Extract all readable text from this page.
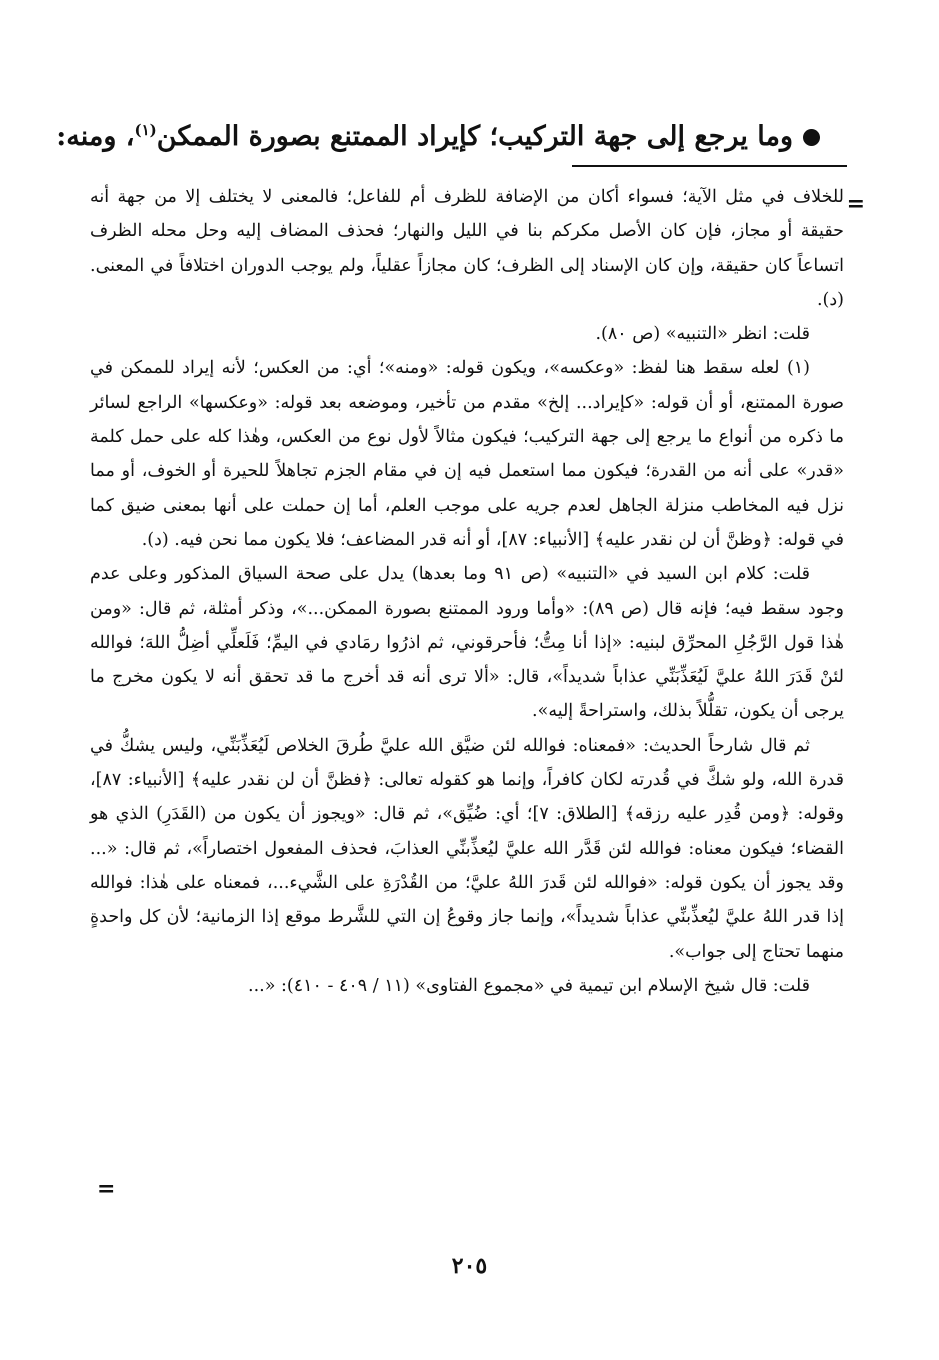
وما يرجع إلى جهة التركيب؛ كإيراد الممتنع بصورة الممكن$^{(١)}$، ومنه:
=

للخلاف في مثل الآية؛ فسواء أكان من الإضافة للظرف أم للفاعل؛ فالمعنى لا يختلف إلا من جهة أنه حقيقة أو مجاز، فإن كان الأصل مكركم بنا في الليل والنهار؛ فحذف المضاف إليه وحل محله الظرف اتساعاً كان حقيقة، وإن كان الإسناد إلى الظرف؛ كان مجازاً عقلياً، ولم يوجب الدوران اختلافاً في المعنى. (د).

قلت: انظر «التنبيه» (ص ٨٠).

(١) لعله سقط هنا لفظ: «وعكسه»، ويكون قوله: «ومنه»؛ أي: من العكس؛ لأنه إيراد للممكن في صورة الممتنع، أو أن قوله: «كإيراد... إلخ» مقدم من تأخير، وموضعه بعد قوله: «وعكسها» الراجع لسائر ما ذكره من أنواع ما يرجع إلى جهة التركيب؛ فيكون مثالاً لأول نوع من العكس، وهٰذا كله على حمل كلمة «قدر» على أنه من القدرة؛ فيكون مما استعمل فيه إن في مقام الجزم تجاهلاً للحيرة أو الخوف، أو مما نزل فيه المخاطب منزلة الجاهل لعدم جريه على موجب العلم، أما إن حملت على أنها بمعنى ضيق كما في قوله: ﴿وظنَّ أن لن نقدر عليه﴾ [الأنبياء: ٨٧]، أو أنه قدر المضاعف؛ فلا يكون مما نحن فيه. (د).

قلت: كلام ابن السيد في «التنبيه» (ص ٩١ وما بعدها) يدل على صحة السياق المذكور وعلى عدم وجود سقط فيه؛ فإنه قال (ص ٨٩): «وأما ورود الممتنع بصورة الممكن...»، وذكر أمثلة، ثم قال: «ومن هٰذا قول الرَّجُلِ المحرِّق لبنيه: «إذا أنا مِتُّ؛ فأحرقوني، ثم اذرُوا رمَادي في اليمِّ؛ فَلَعلِّي أضِلُّ اللهَ؛ فوالله لئنْ قَدَرَ اللهُ عليَّ لَيُعَذِّبَنِّي عذاباً شديداً»، قال: «ألا ترى أنه قد أخرج ما قد تحقق أنه لا يكون مخرج ما يرجى أن يكون، تقلُّلاً بذلك، واستراحةً إليه».

ثم قال شارحاً الحديث: «فمعناه: فوالله لئن ضيَّق الله عليَّ طُرقَ الخلاص لَيُعَذِّبَنِّي، وليس يشكُّ في قدرة الله، ولو شكَّ في قُدرته لكان كافراً، وإنما هو كقوله تعالى: ﴿فظنَّ أن لن نقدر عليه﴾ [الأنبياء: ٨٧]، وقوله: ﴿ومن قُدِر عليه رزقه﴾ [الطلاق: ٧]؛ أي: ضُيِّق»، ثم قال: «ويجوز أن يكون من (القَدَرِ) الذي هو القضاء؛ فيكون معناه: فوالله لئن قَدَّر الله عليَّ ليُعذِّبنِّي العذابَ، فحذف المفعول اختصاراً»، ثم قال: «... وقد يجوز أن يكون قوله: «فوالله لئن قَدرَ اللهُ عليَّ؛ من القُدْرَةِ على الشَّيء...، فمعناه على هٰذا: فوالله إذا قدر اللهُ عليَّ ليُعذِّبنِّي عذاباً شديداً»، وإنما جاز وقوعُ إن التي للشَّرط موقع إذا الزمانية؛ لأن كل واحدةٍ منهما تحتاج إلى جواب».

قلت: قال شيخ الإسلام ابن تيمية في «مجموع الفتاوى» (١١ / ٤٠٩ - ٤١٠): «...

=
٢٠٥
